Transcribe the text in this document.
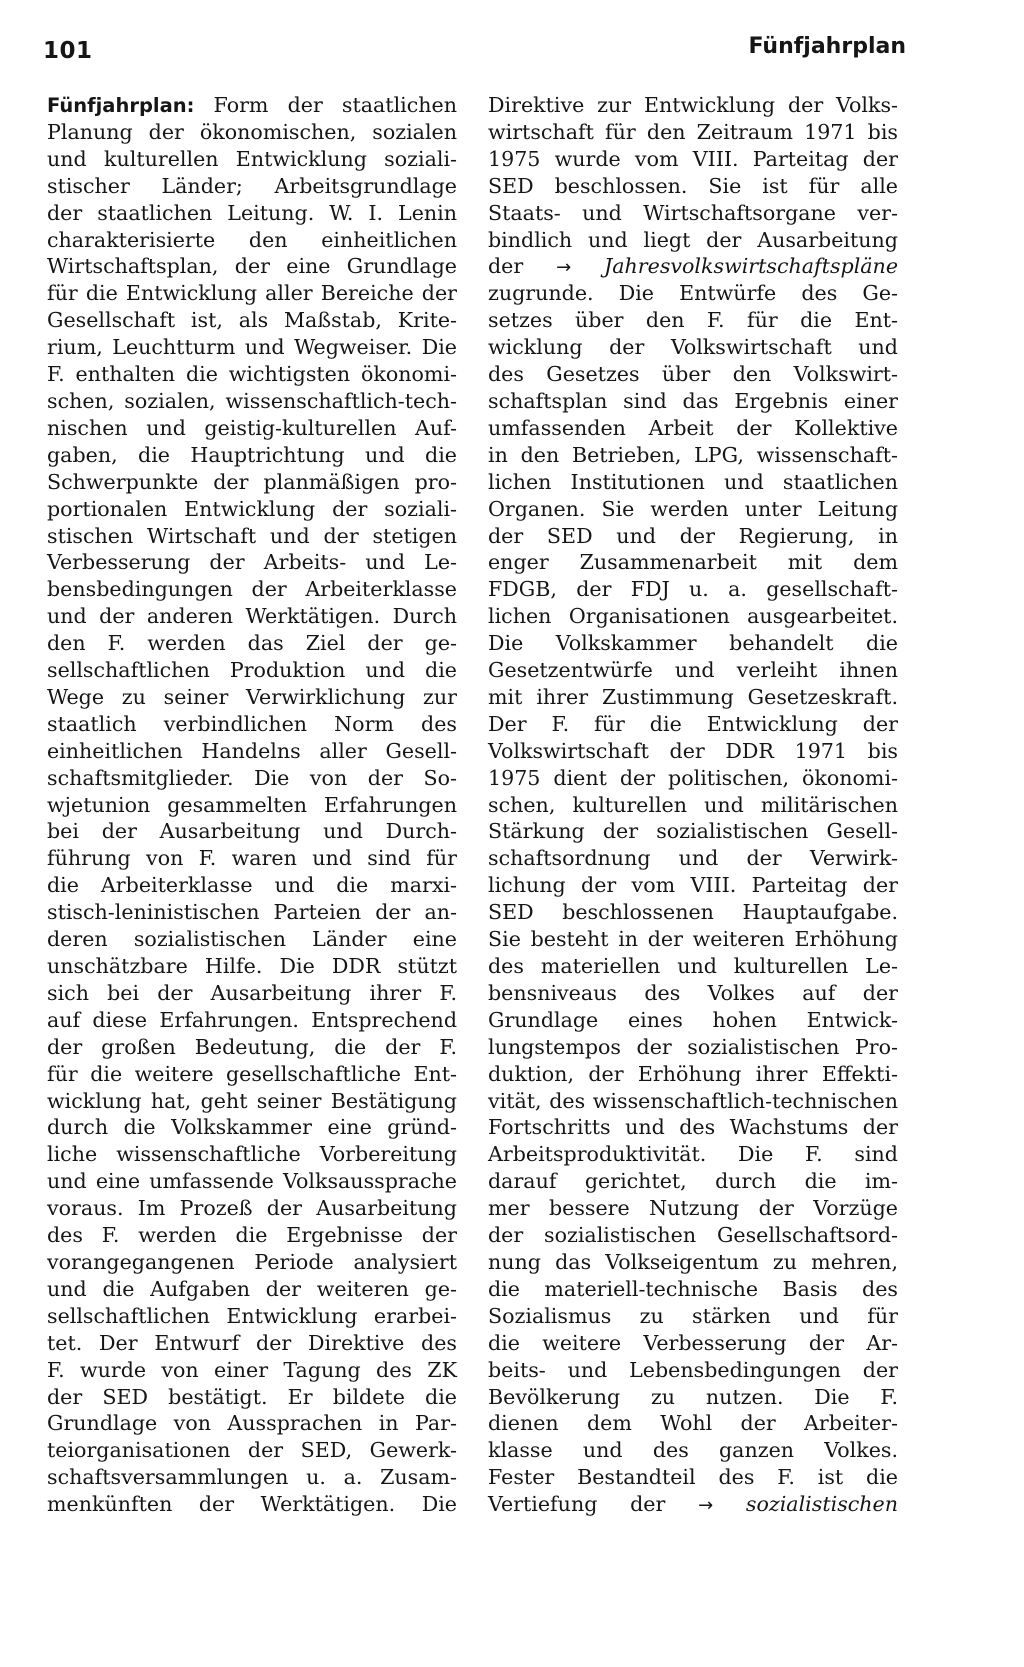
101	Fünfjahrplan
Fünfjahrplan: Form der staatlichen
Planung der ökonomischen, sozialen
und kulturellen Entwicklung soziali-
stischer Länder; Arbeitsgrundlage
der staatlichen Leitung. W. I. Lenin
charakterisierte den einheitlichen
Wirtschaftsplan, der eine Grundlage
für die Entwicklung aller Bereiche der
Gesellschaft ist, als Maßstab, Krite-
rium, Leuchtturm und Wegweiser. Die
F. enthalten die wichtigsten ökonomi-
schen, sozialen, wissenschaftlich-tech-
nischen und geistig-kulturellen Auf-
gaben, die Hauptrichtung und die
Schwerpunkte der planmäßigen pro-
portionalen Entwicklung der soziali-
stischen Wirtschaft und der stetigen
Verbesserung der Arbeits- und Le-
bensbedingungen der Arbeiterklasse
und der anderen Werktätigen. Durch
den F. werden das Ziel der ge-
sellschaftlichen Produktion und die
Wege zu seiner Verwirklichung zur
staatlich verbindlichen Norm des
einheitlichen Handelns aller Gesell-
schaftsmitglieder. Die von der So-
wjetunion gesammelten Erfahrungen
bei der Ausarbeitung und Durch-
führung von F. waren und sind für
die Arbeiterklasse und die marxi-
stisch-leninistischen Parteien der an-
deren sozialistischen Länder eine
unschätzbare Hilfe. Die DDR stützt
sich bei der Ausarbeitung ihrer F.
auf diese Erfahrungen. Entsprechend
der großen Bedeutung, die der F.
für die weitere gesellschaftliche Ent-
wicklung hat, geht seiner Bestätigung
durch die Volkskammer eine gründ-
liche wissenschaftliche Vorbereitung
und eine umfassende Volksaussprache
voraus. Im Prozeß der Ausarbeitung
des F. werden die Ergebnisse der
vorangegangenen Periode analysiert
und die Aufgaben der weiteren ge-
sellschaftlichen Entwicklung erarbei-
tet. Der Entwurf der Direktive des
F. wurde von einer Tagung des ZK
der SED bestätigt. Er bildete die
Grundlage von Aussprachen in Par-
teiorganisationen der SED, Gewerk-
schaftsversammlungen u. a. Zusam-
menkünften der Werktätigen. Die
Direktive zur Entwicklung der Volks-
wirtschaft für den Zeitraum 1971 bis
1975 wurde vom VIII. Parteitag der
SED beschlossen. Sie ist für alle
Staats- und Wirtschaftsorgane ver-
bindlich und liegt der Ausarbeitung
der → Jahresvolkswirtschaftspläne
zugrunde. Die Entwürfe des Ge-
setzes über den F. für die Ent-
wicklung der Volkswirtschaft und
des Gesetzes über den Volkswirt-
schaftsplan sind das Ergebnis einer
umfassenden Arbeit der Kollektive
in den Betrieben, LPG, wissenschaft-
lichen Institutionen und staatlichen
Organen. Sie werden unter Leitung
der SED und der Regierung, in
enger Zusammenarbeit mit dem
FDGB, der FDJ u. a. gesellschaft-
lichen Organisationen ausgearbeitet.
Die Volkskammer behandelt die
Gesetzentwürfe und verleiht ihnen
mit ihrer Zustimmung Gesetzeskraft.
Der F. für die Entwicklung der
Volkswirtschaft der DDR 1971 bis
1975 dient der politischen, ökonomi-
schen, kulturellen und militärischen
Stärkung der sozialistischen Gesell-
schaftsordnung und der Verwirk-
lichung der vom VIII. Parteitag der
SED beschlossenen Hauptaufgabe.
Sie besteht in der weiteren Erhöhung
des materiellen und kulturellen Le-
bensniveaus des Volkes auf der
Grundlage eines hohen Entwick-
lungstempos der sozialistischen Pro-
duktion, der Erhöhung ihrer Effekti-
vität, des wissenschaftlich-technischen
Fortschritts und des Wachstums der
Arbeitsproduktivität. Die F. sind
darauf gerichtet, durch die im-
mer bessere Nutzung der Vorzüge
der sozialistischen Gesellschaftsord-
nung das Volkseigentum zu mehren,
die materiell-technische Basis des
Sozialismus zu stärken und für
die weitere Verbesserung der Ar-
beits- und Lebensbedingungen der
Bevölkerung zu nutzen. Die F.
dienen dem Wohl der Arbeiter-
klasse und des ganzen Volkes.
Fester Bestandteil des F. ist die
Vertiefung der → sozialistischen
